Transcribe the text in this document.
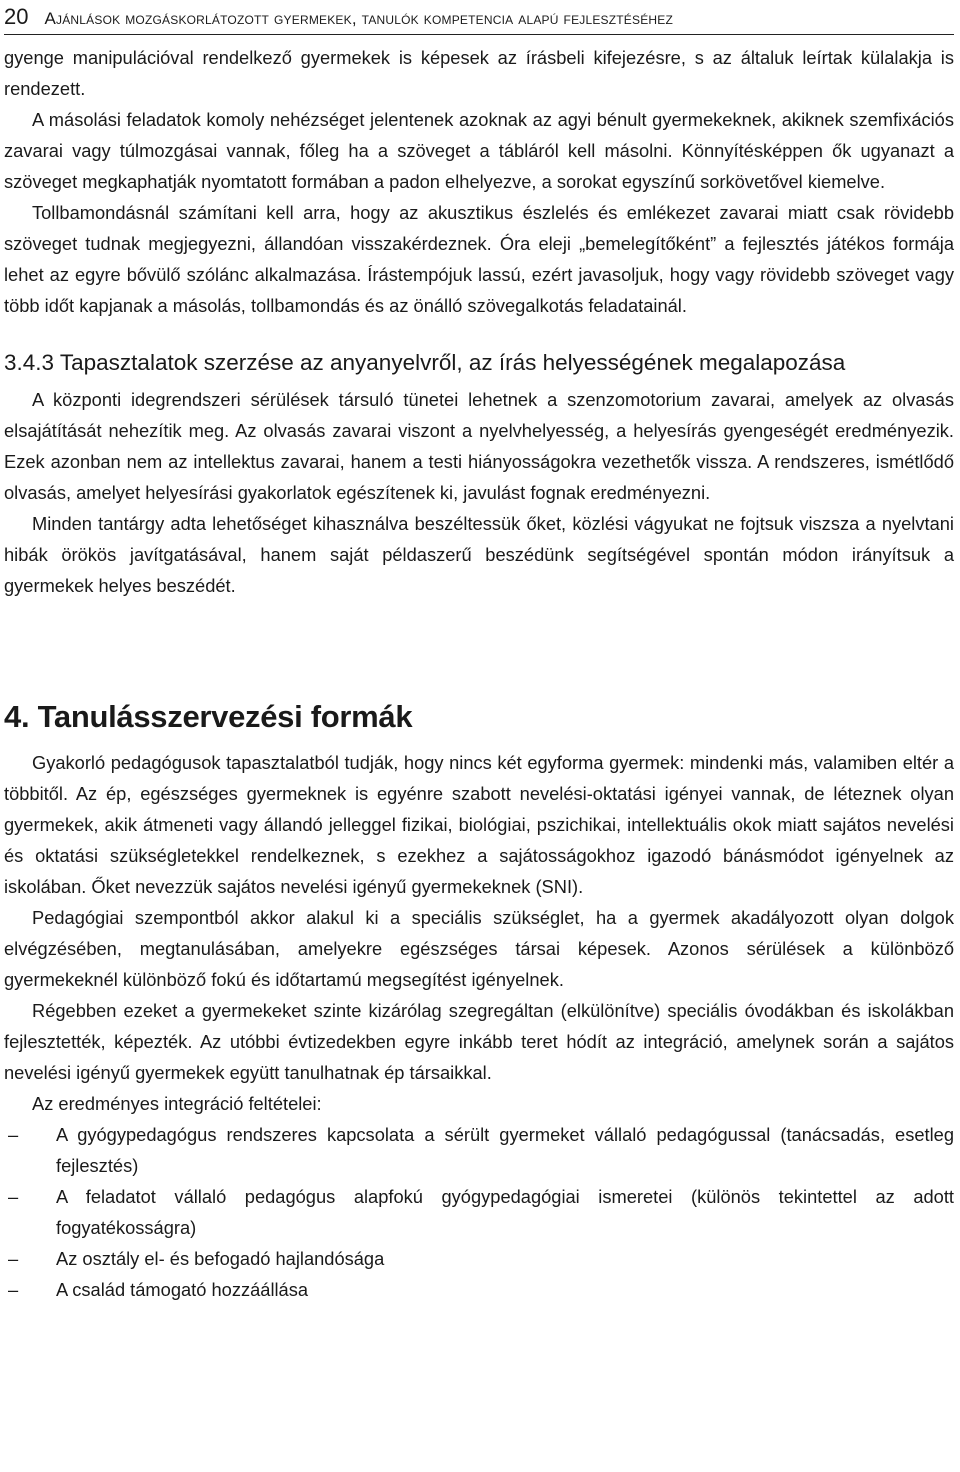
20 Ajánlások mozgáskorlátozott gyermekek, tanulók kompetencia alapú fejlesztéséhez

gyenge manipulációval rendelkező gyermekek is képesek az írásbeli kifejezésre, s az általuk leírtak külalakja is rendezett.

A másolási feladatok komoly nehézséget jelentenek azoknak az agyi bénult gyermekeknek, akiknek szemfixációs zavarai vagy túlmozgásai vannak, főleg ha a szöveget a tábláról kell másolni. Könnyítésképpen ők ugyanazt a szöveget megkaphatják nyomtatott formában a padon elhelyezve, a sorokat egyszínű sorkövetővel kiemelve.

Tollbamondásnál számítani kell arra, hogy az akusztikus észlelés és emlékezet zavarai miatt csak rövidebb szöveget tudnak megjegyezni, állandóan visszakérdeznek. Óra eleji „bemelegítőként” a fejlesztés játékos formája lehet az egyre bővülő szólánc alkalmazása. Írástempójuk lassú, ezért javasoljuk, hogy vagy rövidebb szöveget vagy több időt kapjanak a másolás, tollbamondás és az önálló szövegalkotás feladatainál.

3.4.3 Tapasztalatok szerzése az anyanyelvről, az írás helyességének megalapozása

A központi idegrendszeri sérülések társuló tünetei lehetnek a szenzomotorium zavarai, amelyek az olvasás elsajátítását nehezítik meg. Az olvasás zavarai viszont a nyelvhelyesség, a helyesírás gyengeségét eredményezik. Ezek azonban nem az intellektus zavarai, hanem a testi hiányosságokra vezethetők vissza. A rendszeres, ismétlődő olvasás, amelyet helyesírási gyakorlatok egészítenek ki, javulást fognak eredményezni.

Minden tantárgy adta lehetőséget kihasználva beszéltessük őket, közlési vágyukat ne fojtsuk viszsza a nyelvtani hibák örökös javítgatásával, hanem saját példaszerű beszédünk segítségével spontán módon irányítsuk a gyermekek helyes beszédét.

4. Tanulásszervezési formák

Gyakorló pedagógusok tapasztalatból tudják, hogy nincs két egyforma gyermek: mindenki más, valamiben eltér a többitől. Az ép, egészséges gyermeknek is egyénre szabott nevelési-oktatási igényei vannak, de léteznek olyan gyermekek, akik átmeneti vagy állandó jelleggel fizikai, biológiai, pszichikai, intellektuális okok miatt sajátos nevelési és oktatási szükségletekkel rendelkeznek, s ezekhez a sajátosságokhoz igazodó bánásmódot igényelnek az iskolában. Őket nevezzük sajátos nevelési igényű gyermekeknek (SNI).

Pedagógiai szempontból akkor alakul ki a speciális szükséglet, ha a gyermek akadályozott olyan dolgok elvégzésében, megtanulásában, amelyekre egészséges társai képesek. Azonos sérülések a különböző gyermekeknél különböző fokú és időtartamú megsegítést igényelnek.

Régebben ezeket a gyermekeket szinte kizárólag szegregáltan (elkülönítve) speciális óvodákban és iskolákban fejlesztették, képezték. Az utóbbi évtizedekben egyre inkább teret hódít az integráció, amelynek során a sajátos nevelési igényű gyermekek együtt tanulhatnak ép társaikkal.

Az eredményes integráció feltételei:

– A gyógypedagógus rendszeres kapcsolata a sérült gyermeket vállaló pedagógussal (tanácsadás, esetleg fejlesztés)
– A feladatot vállaló pedagógus alapfokú gyógypedagógiai ismeretei (különös tekintettel az adott fogyatékosságra)
– Az osztály el- és befogadó hajlandósága
– A család támogató hozzáállása
